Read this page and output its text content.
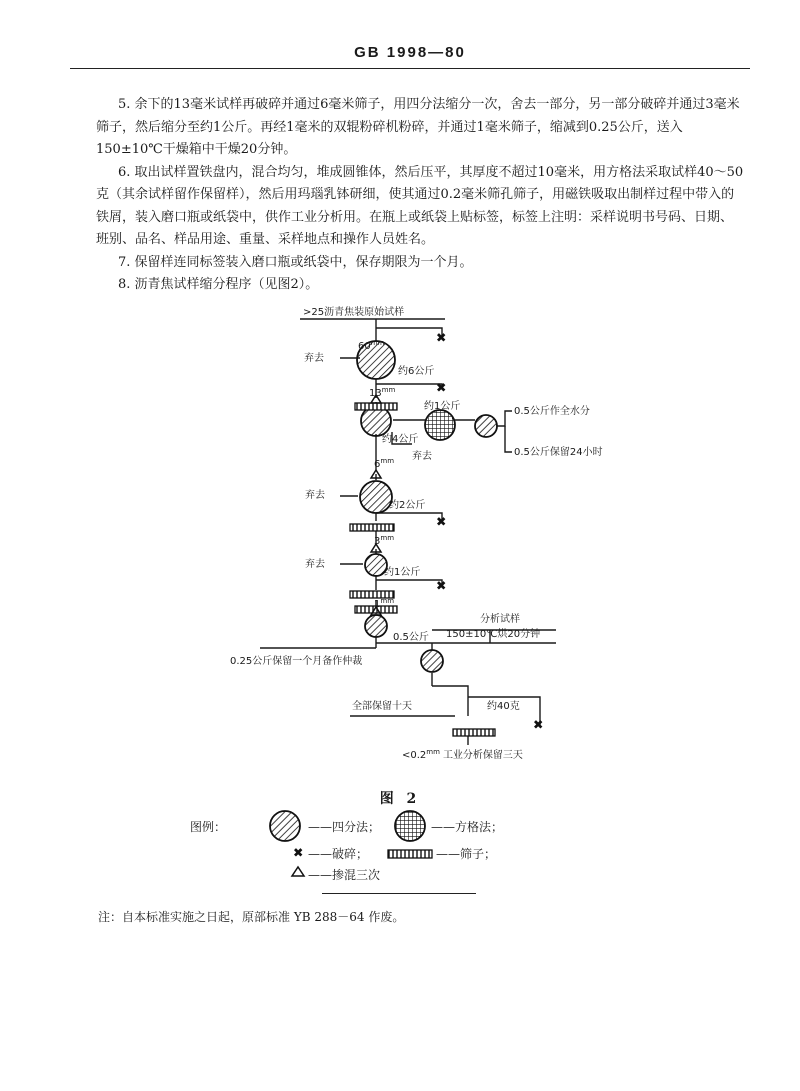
GB 1998—80

5. 余下的13毫米试样再破碎并通过6毫米筛子，用四分法缩分一次，舍去一部分，另一部分破碎并通过3毫米筛子，然后缩分至约1公斤。再经1毫米的双辊粉碎机粉碎，并通过1毫米筛子，缩减到0.25公斤，送入150±10℃干燥箱中干燥20分钟。

6. 取出试样置铁盘内，混合均匀，堆成圆锥体，然后压平，其厚度不超过10毫米，用方格法采取试样40～50克（其余试样留作保留样），然后用玛瑙乳钵研细，使其通过0.2毫米筛孔筛子，用磁铁吸取出制样过程中带入的铁屑，装入磨口瓶或纸袋中，供作工业分析用。在瓶上或纸袋上贴标签，标签上注明：采样说明书号码、日期、班别、品名、样品用途、重量、采样地点和操作人员姓名。

7. 保留样连同标签装入磨口瓶或纸袋中，保存期限为一个月。

8. 沥青焦试样缩分程序（见图2）。

✕
✕
✕
✕
✕
✕
>25沥青焦装原始试样
$60^{mm}$
弃去
约6公斤
$13^{mm}$
约1公斤	0.5公斤作全水分
0.5公斤保留24小时
约4公斤
弃去
$6^{mm}$
弃去
约2公斤
$3^{mm}$
弃去
约1公斤
$1^{mm}$
分析试样
150±10℃烘20分钟
0.5公斤
0.25公斤保留一个月备作仲裁
全部保留十天	约40克
$<0.2^{mm}$ 工业分析保留三天
图 2
图例：	——四分法；	——方格法；
——破碎；	——筛子；
——掺混三次
注：自本标准实施之日起，原部标准 YB 288－64 作废。
